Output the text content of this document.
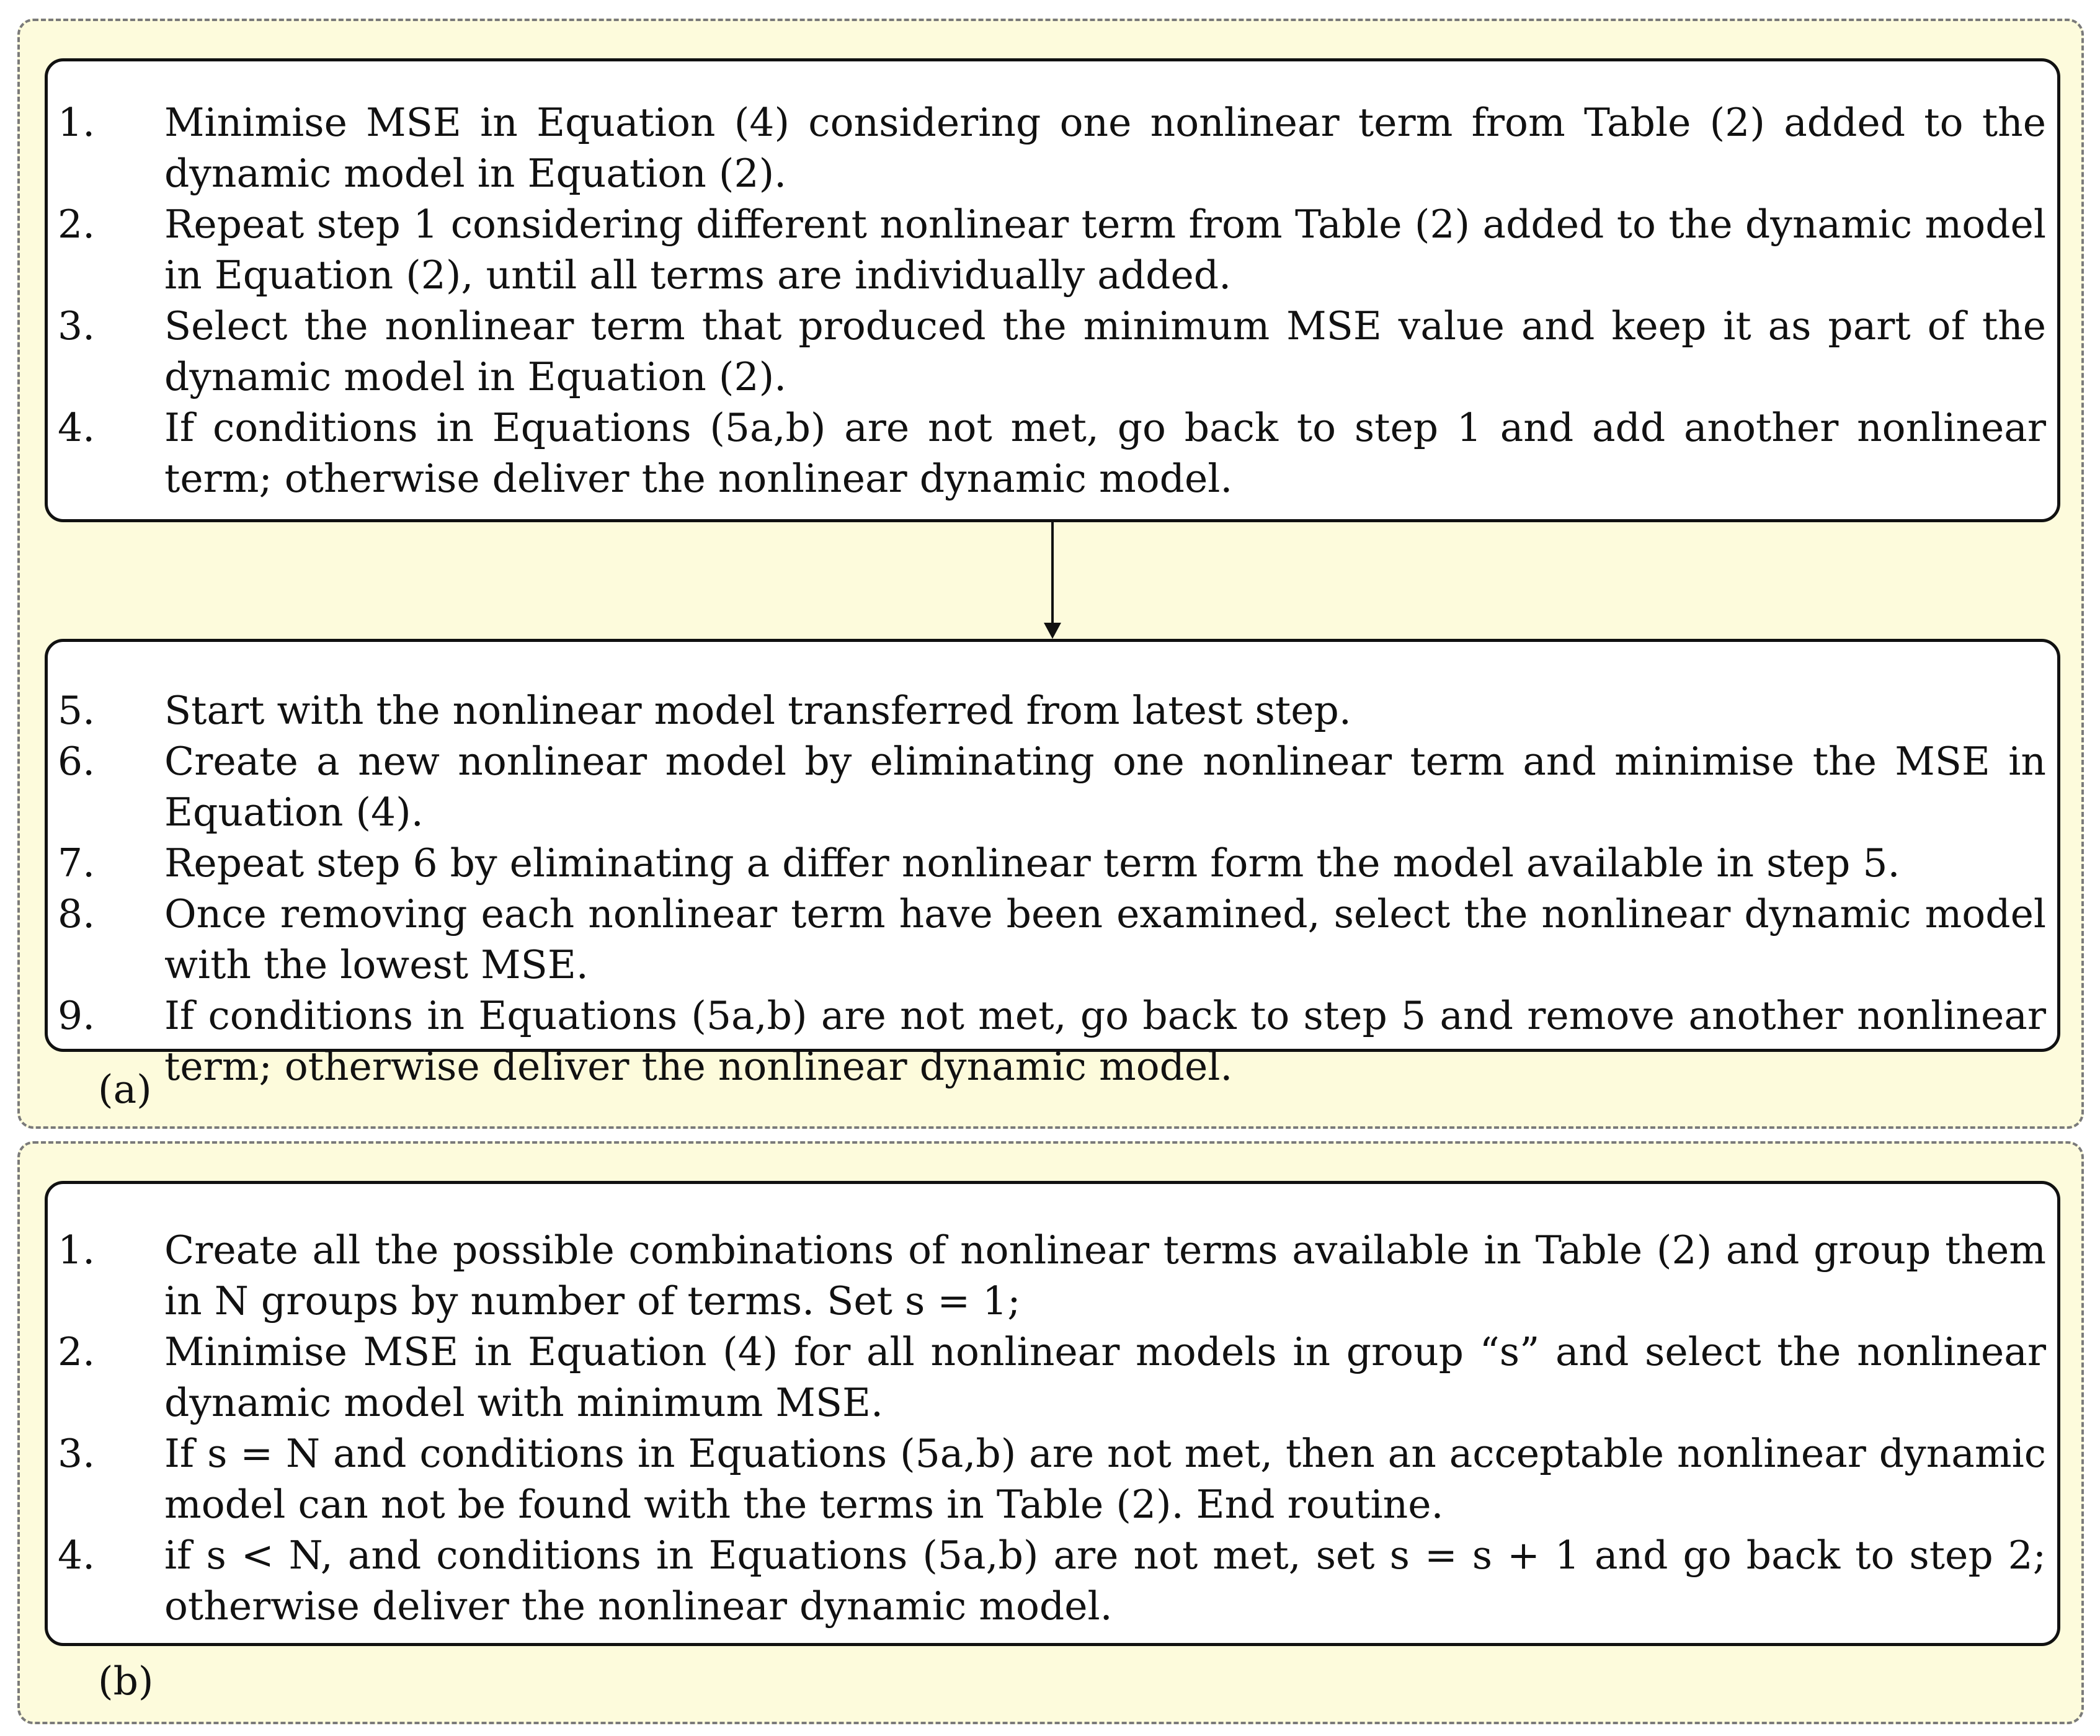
1.	Minimise MSE in Equation (4) considering one nonlinear term from Table (2) added to the dynamic model in Equation (2).
2.	Repeat step 1 considering different nonlinear term from Table (2) added to the dynamic model in Equation (2), until all terms are individually added.
3.	Select the nonlinear term that produced the minimum MSE value and keep it as part of the dynamic model in Equation (2).
4.	If conditions in Equations (5a,b) are not met, go back to step 1 and add another nonlinear term; otherwise deliver the nonlinear dynamic model.
5.	Start with the nonlinear model transferred from latest step.
6.	Create a new nonlinear model by eliminating one nonlinear term and minimise the MSE in Equation (4).
7.	Repeat step 6 by eliminating a differ nonlinear term form the model available in step 5.
8.	Once removing each nonlinear term have been examined, select the nonlinear dynamic model with the lowest MSE.
9.	If conditions in Equations (5a,b) are not met, go back to step 5 and remove another nonlinear term; otherwise deliver the nonlinear dynamic model.
(a)
1.	Create all the possible combinations of nonlinear terms available in Table (2) and group them in N groups by number of terms. Set s = 1;
2.	Minimise MSE in Equation (4) for all nonlinear models in group “s” and select the nonlinear dynamic model with minimum MSE.
3.	If s = N and conditions in Equations (5a,b) are not met, then an acceptable nonlinear dynamic model can not be found with the terms in Table (2). End routine.
4.	if s < N, and conditions in Equations (5a,b) are not met, set s = s + 1 and go back to step 2; otherwise deliver the nonlinear dynamic model.
(b)
